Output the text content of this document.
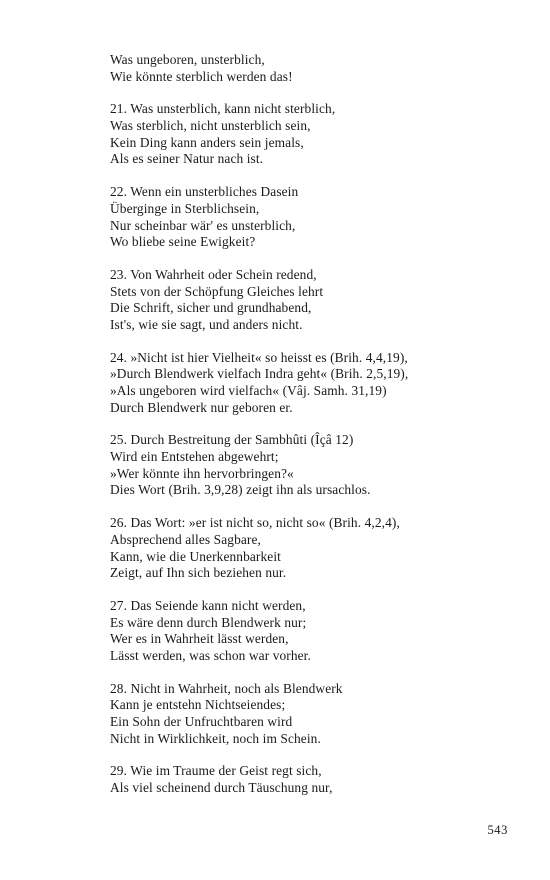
Was ungeboren, unsterblich,
Wie könnte sterblich werden das!
21. Was unsterblich, kann nicht sterblich,
Was sterblich, nicht unsterblich sein,
Kein Ding kann anders sein jemals,
Als es seiner Natur nach ist.
22. Wenn ein unsterbliches Dasein
Überginge in Sterblichsein,
Nur scheinbar wär' es unsterblich,
Wo bliebe seine Ewigkeit?
23. Von Wahrheit oder Schein redend,
Stets von der Schöpfung Gleiches lehrt
Die Schrift, sicher und grundhabend,
Ist's, wie sie sagt, und anders nicht.
24. »Nicht ist hier Vielheit« so heisst es (Brih. 4,4,19),
»Durch Blendwerk vielfach Indra geht« (Brih. 2,5,19),
»Als ungeboren wird vielfach« (Vâj. Samh. 31,19)
Durch Blendwerk nur geboren er.
25. Durch Bestreitung der Sambhûti (Îçâ 12)
Wird ein Entstehen abgewehrt;
»Wer könnte ihn hervorbringen?«
Dies Wort (Brih. 3,9,28) zeigt ihn als ursachlos.
26. Das Wort: »er ist nicht so, nicht so« (Brih. 4,2,4),
Absprechend alles Sagbare,
Kann, wie die Unerkennbarkeit
Zeigt, auf Ihn sich beziehen nur.
27. Das Seiende kann nicht werden,
Es wäre denn durch Blendwerk nur;
Wer es in Wahrheit lässt werden,
Lässt werden, was schon war vorher.
28. Nicht in Wahrheit, noch als Blendwerk
Kann je entstehn Nichtseiendes;
Ein Sohn der Unfruchtbaren wird
Nicht in Wirklichkeit, noch im Schein.
29. Wie im Traume der Geist regt sich,
Als viel scheinend durch Täuschung nur,
543
